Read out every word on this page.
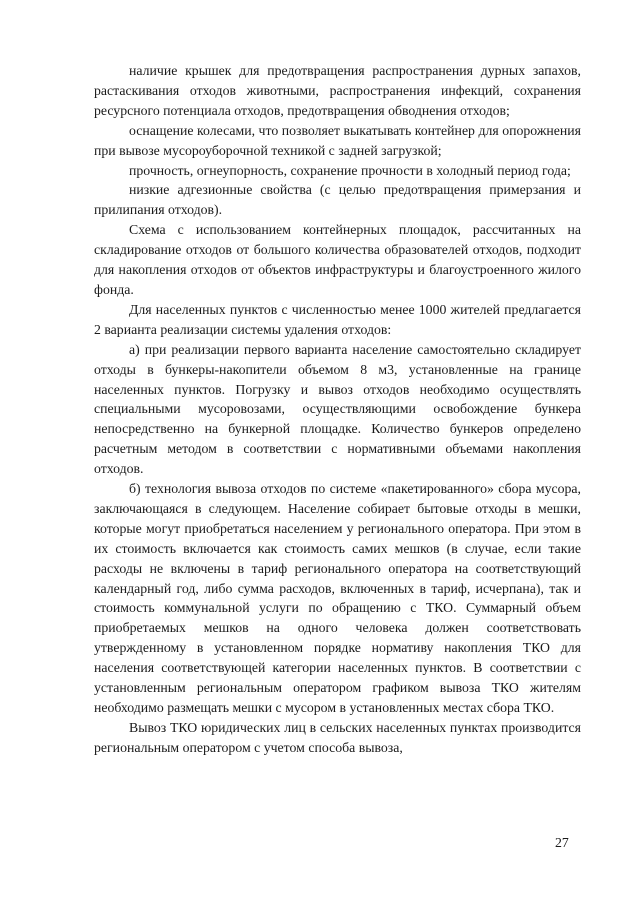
наличие крышек для предотвращения распространения дурных запахов, растаскивания отходов животными, распространения инфекций, сохранения ресурсного потенциала отходов, предотвращения обводнения отходов;

оснащение колесами, что позволяет выкатывать контейнер для опорожнения при вывозе мусороуборочной техникой с задней загрузкой;

прочность, огнеупорность, сохранение прочности в холодный период года;

низкие адгезионные свойства (с целью предотвращения примерзания и прилипания отходов).

Схема с использованием контейнерных площадок, рассчитанных на складирование отходов от большого количества образователей отходов, подходит для накопления отходов от объектов инфраструктуры и благоустроенного жилого фонда.

Для населенных пунктов с численностью менее 1000 жителей предлагается 2 варианта реализации системы удаления отходов:

а) при реализации первого варианта население самостоятельно складирует отходы в бункеры-накопители объемом 8 м3, установленные на границе населенных пунктов. Погрузку и вывоз отходов необходимо осуществлять специальными мусоровозами, осуществляющими освобождение бункера непосредственно на бункерной площадке. Количество бункеров определено расчетным методом в соответствии с нормативными объемами накопления отходов.

б) технология вывоза отходов по системе «пакетированного» сбора мусора, заключающаяся в следующем. Население собирает бытовые отходы в мешки, которые могут приобретаться населением у регионального оператора. При этом в их стоимость включается как стоимость самих мешков (в случае, если такие расходы не включены в тариф регионального оператора на соответствующий календарный год, либо сумма расходов, включенных в тариф, исчерпана), так и стоимость коммунальной услуги по обращению с ТКО. Суммарный объем приобретаемых мешков на одного человека должен соответствовать утвержденному в установленном порядке нормативу накопления ТКО для населения соответствующей категории населенных пунктов. В соответствии с установленным региональным оператором графиком вывоза ТКО жителям необходимо размещать мешки с мусором в установленных местах сбора ТКО.

Вывоз ТКО юридических лиц в сельских населенных пунктах производится региональным оператором с учетом способа вывоза,

27
